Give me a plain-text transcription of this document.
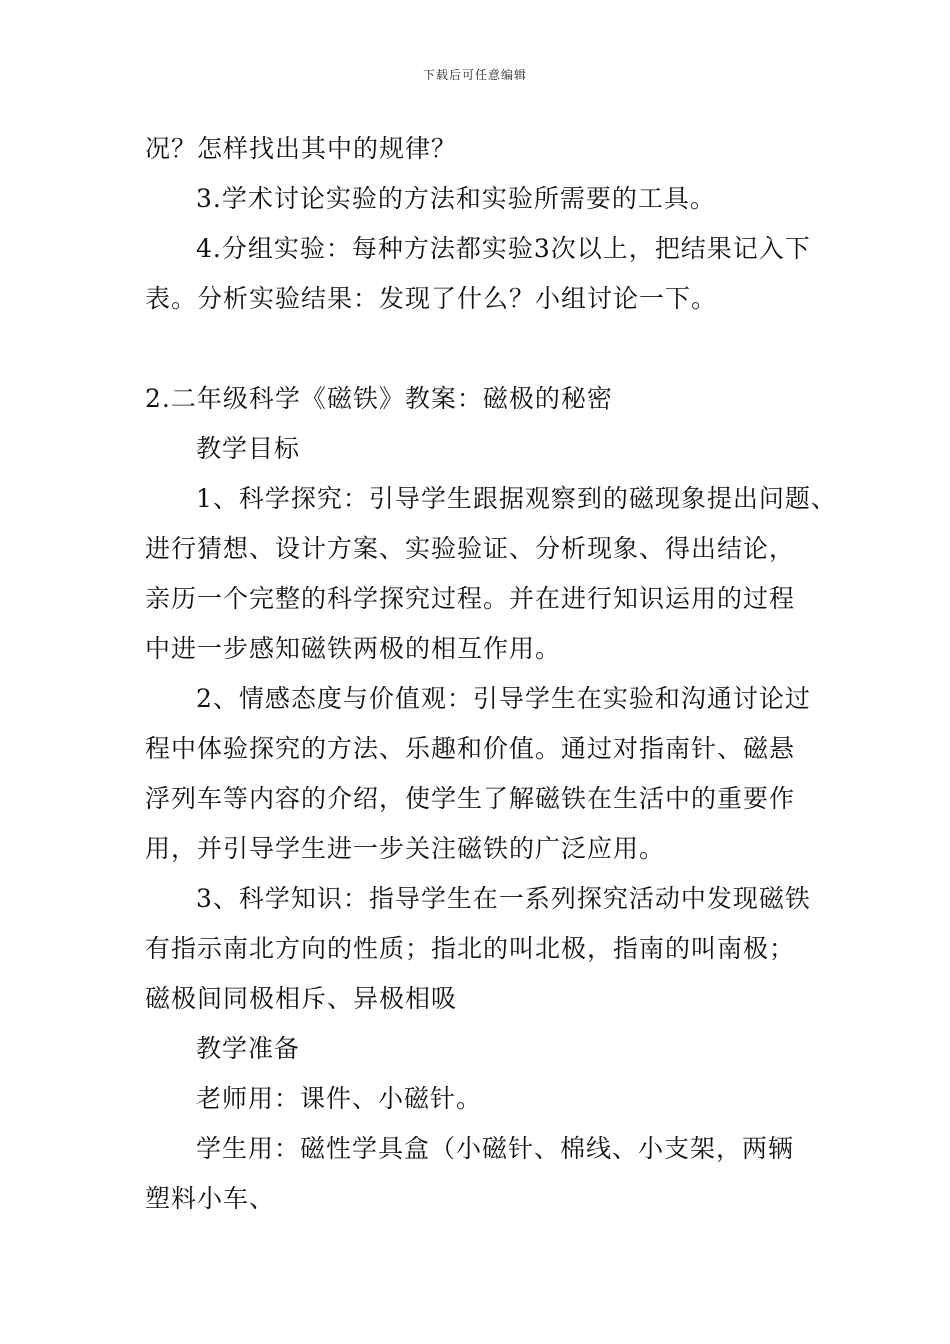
下载后可任意编辑
况？怎样找出其中的规律？
3.学术讨论实验的方法和实验所需要的工具。
4.分组实验：每种方法都实验3次以上，把结果记入下
表。分析实验结果：发现了什么？小组讨论一下。
2.二年级科学《磁铁》教案：磁极的秘密
教学目标
1、科学探究：引导学生跟据观察到的磁现象提出问题、
进行猜想、设计方案、实验验证、分析现象、得出结论，
亲历一个完整的科学探究过程。并在进行知识运用的过程
中进一步感知磁铁两极的相互作用。
2、情感态度与价值观：引导学生在实验和沟通讨论过
程中体验探究的方法、乐趣和价值。通过对指南针、磁悬
浮列车等内容的介绍，使学生了解磁铁在生活中的重要作
用，并引导学生进一步关注磁铁的广泛应用。
3、科学知识：指导学生在一系列探究活动中发现磁铁
有指示南北方向的性质；指北的叫北极，指南的叫南极；
磁极间同极相斥、异极相吸
教学准备
老师用：课件、小磁针。
学生用：磁性学具盒（小磁针、棉线、小支架，两辆
塑料小车、
